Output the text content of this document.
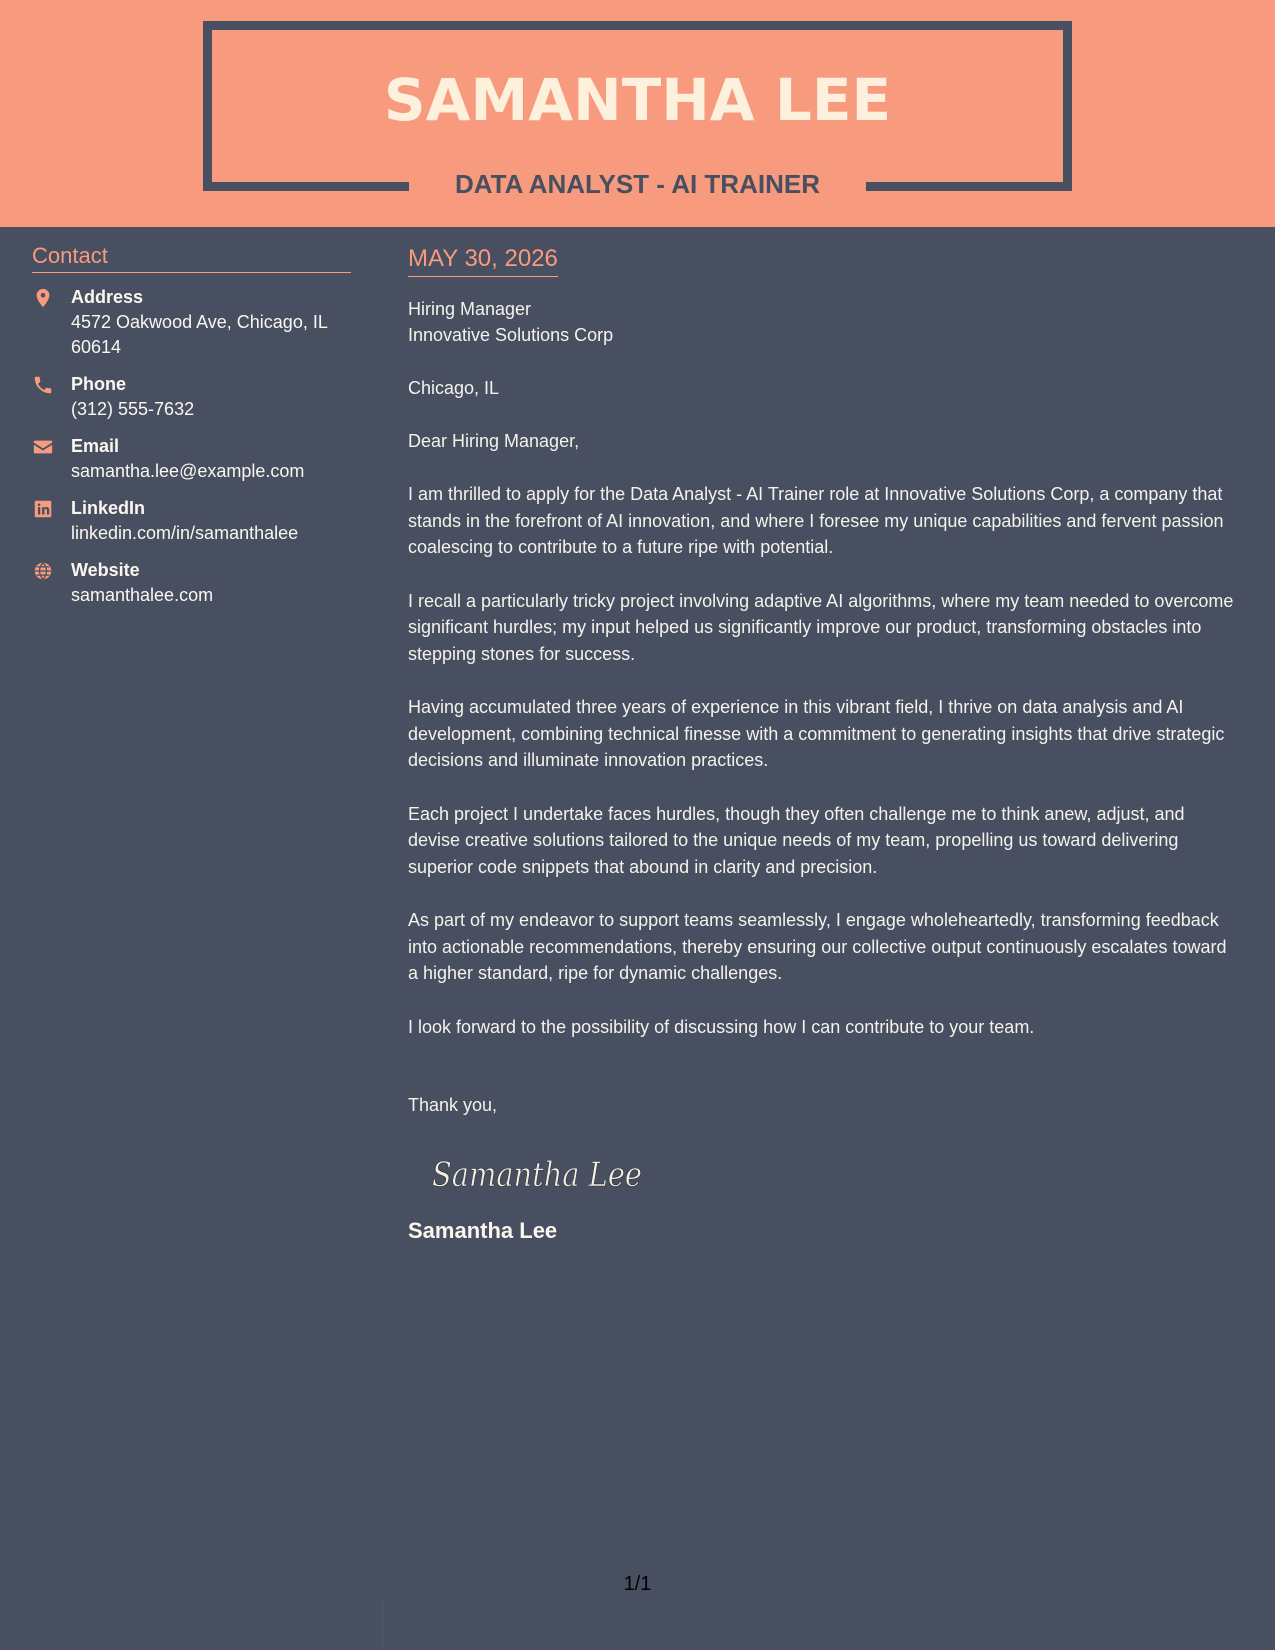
SAMANTHA LEE
DATA ANALYST - AI TRAINER
Contact
Address
4572 Oakwood Ave, Chicago, IL
60614
Phone
(312) 555-7632
Email
samantha.lee@example.com
LinkedIn
linkedin.com/in/samanthalee
Website
samanthalee.com
MAY 30, 2026
Hiring Manager
Innovative Solutions Corp
Chicago, IL
Dear Hiring Manager,
I am thrilled to apply for the Data Analyst - AI Trainer role at Innovative Solutions Corp, a company that stands in the forefront of AI innovation, and where I foresee my unique capabilities and fervent passion coalescing to contribute to a future ripe with potential.
I recall a particularly tricky project involving adaptive AI algorithms, where my team needed to overcome significant hurdles; my input helped us significantly improve our product, transforming obstacles into stepping stones for success.
Having accumulated three years of experience in this vibrant field, I thrive on data analysis and AI development, combining technical finesse with a commitment to generating insights that drive strategic decisions and illuminate innovation practices.
Each project I undertake faces hurdles, though they often challenge me to think anew, adjust, and devise creative solutions tailored to the unique needs of my team, propelling us toward delivering superior code snippets that abound in clarity and precision.
As part of my endeavor to support teams seamlessly, I engage wholeheartedly, transforming feedback into actionable recommendations, thereby ensuring our collective output continuously escalates toward a higher standard, ripe for dynamic challenges.
I look forward to the possibility of discussing how I can contribute to your team.
Thank you,
Samantha Lee
Samantha Lee
1/1
